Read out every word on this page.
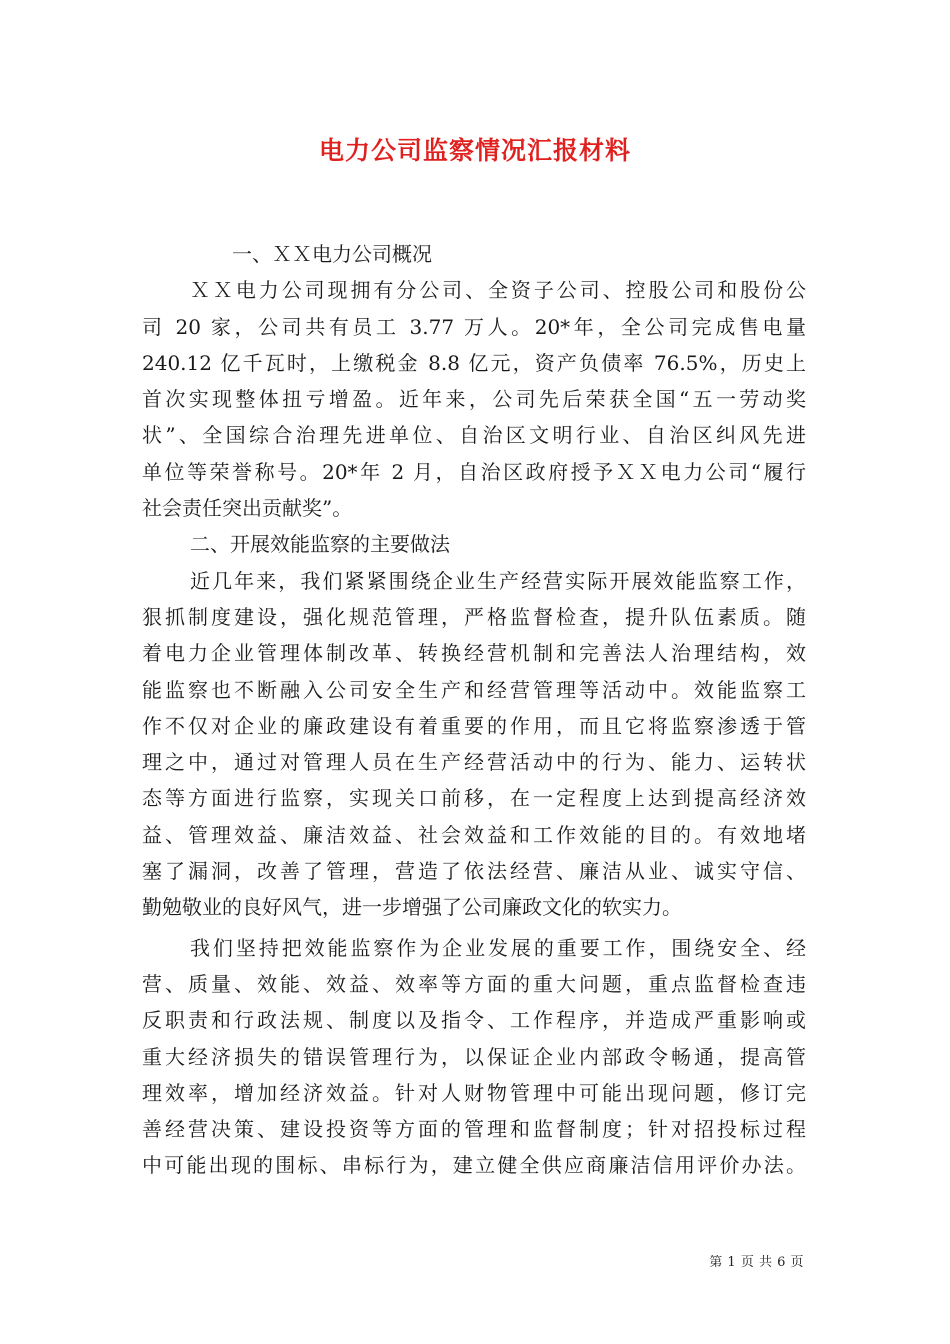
电力公司监察情况汇报材料
一、ＸＸ电力公司概况
ＸＸ电力公司现拥有分公司、全资子公司、控股公司和股份公
司 20 家，公司共有员工 3.77 万人。20*年，全公司完成售电量
240.12 亿千瓦时，上缴税金 8.8 亿元，资产负债率 76.5%，历史上
首次实现整体扭亏增盈。近年来，公司先后荣获全国“五一劳动奖
状”、全国综合治理先进单位、自治区文明行业、自治区纠风先进
单位等荣誉称号。20*年 2 月，自治区政府授予ＸＸ电力公司“履行
社会责任突出贡献奖”。
二、开展效能监察的主要做法
近几年来，我们紧紧围绕企业生产经营实际开展效能监察工作，
狠抓制度建设，强化规范管理，严格监督检查，提升队伍素质。随
着电力企业管理体制改革、转换经营机制和完善法人治理结构，效
能监察也不断融入公司安全生产和经营管理等活动中。效能监察工
作不仅对企业的廉政建设有着重要的作用，而且它将监察渗透于管
理之中，通过对管理人员在生产经营活动中的行为、能力、运转状
态等方面进行监察，实现关口前移，在一定程度上达到提高经济效
益、管理效益、廉洁效益、社会效益和工作效能的目的。有效地堵
塞了漏洞，改善了管理，营造了依法经营、廉洁从业、诚实守信、
勤勉敬业的良好风气，进一步增强了公司廉政文化的软实力。
我们坚持把效能监察作为企业发展的重要工作，围绕安全、经
营、质量、效能、效益、效率等方面的重大问题，重点监督检查违
反职责和行政法规、制度以及指令、工作程序，并造成严重影响或
重大经济损失的错误管理行为，以保证企业内部政令畅通，提高管
理效率，增加经济效益。针对人财物管理中可能出现问题，修订完
善经营决策、建设投资等方面的管理和监督制度；针对招投标过程
中可能出现的围标、串标行为，建立健全供应商廉洁信用评价办法。
第 1 页 共 6 页
